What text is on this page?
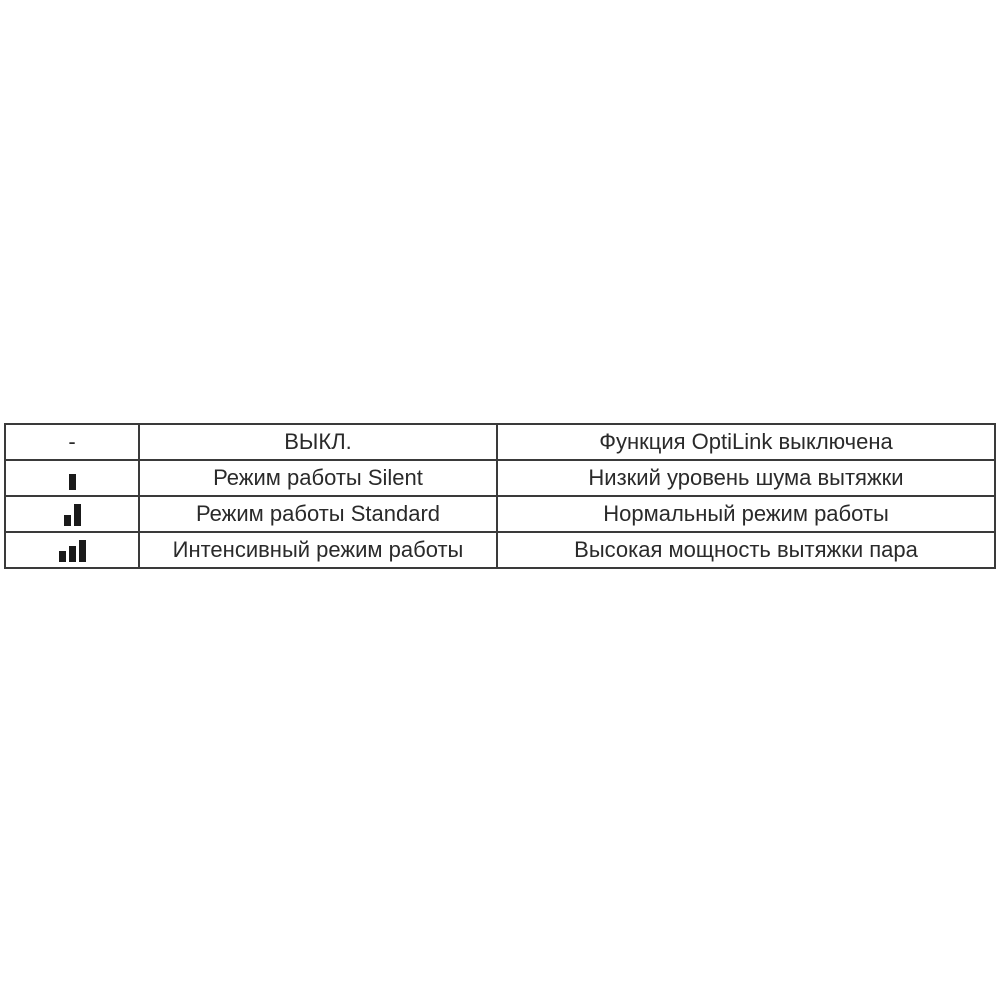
-	ВЫКЛ.	Функция OptiLink выключена

	Режим работы Silent	Низкий уровень шума вытяжки

	Режим работы Standard	Нормальный режим работы

	Интенсивный режим работы	Высокая мощность вытяжки пара
